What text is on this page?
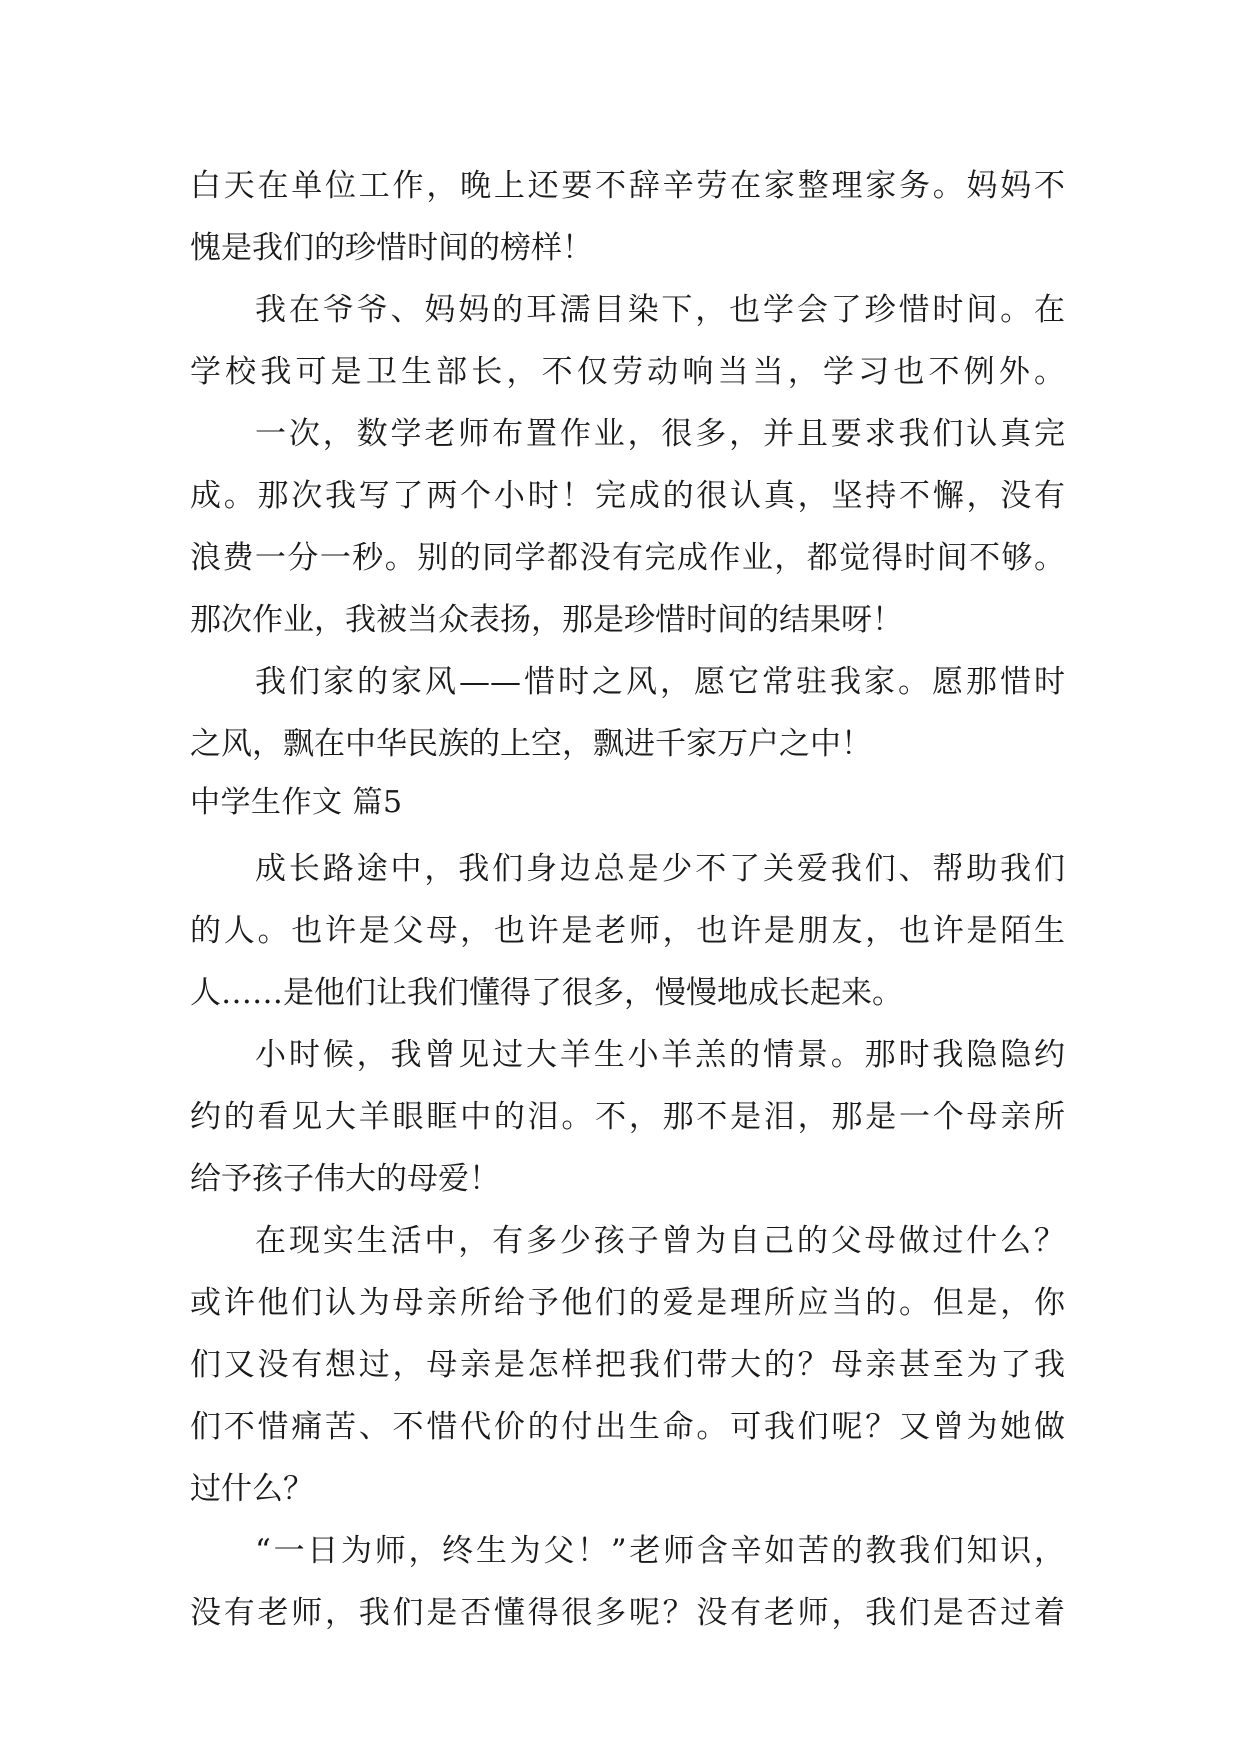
白天在单位工作，晚上还要不辞辛劳在家整理家务。妈妈不
愧是我们的珍惜时间的榜样！
我在爷爷、妈妈的耳濡目染下，也学会了珍惜时间。在
学校我可是卫生部长，不仅劳动响当当，学习也不例外。
一次，数学老师布置作业，很多，并且要求我们认真完
成。那次我写了两个小时！完成的很认真，坚持不懈，没有
浪费一分一秒。别的同学都没有完成作业，都觉得时间不够。
那次作业，我被当众表扬，那是珍惜时间的结果呀！
我们家的家风——惜时之风，愿它常驻我家。愿那惜时
之风，飘在中华民族的上空，飘进千家万户之中！
中学生作文 篇5
成长路途中，我们身边总是少不了关爱我们、帮助我们
的人。也许是父母，也许是老师，也许是朋友，也许是陌生
人……是他们让我们懂得了很多，慢慢地成长起来。
小时候，我曾见过大羊生小羊羔的情景。那时我隐隐约
约的看见大羊眼眶中的泪。不，那不是泪，那是一个母亲所
给予孩子伟大的母爱！
在现实生活中，有多少孩子曾为自己的父母做过什么？
或许他们认为母亲所给予他们的爱是理所应当的。但是，你
们又没有想过，母亲是怎样把我们带大的？母亲甚至为了我
们不惜痛苦、不惜代价的付出生命。可我们呢？又曾为她做
过什么？
“一日为师，终生为父！”老师含辛如苦的教我们知识，
没有老师，我们是否懂得很多呢？没有老师，我们是否过着
